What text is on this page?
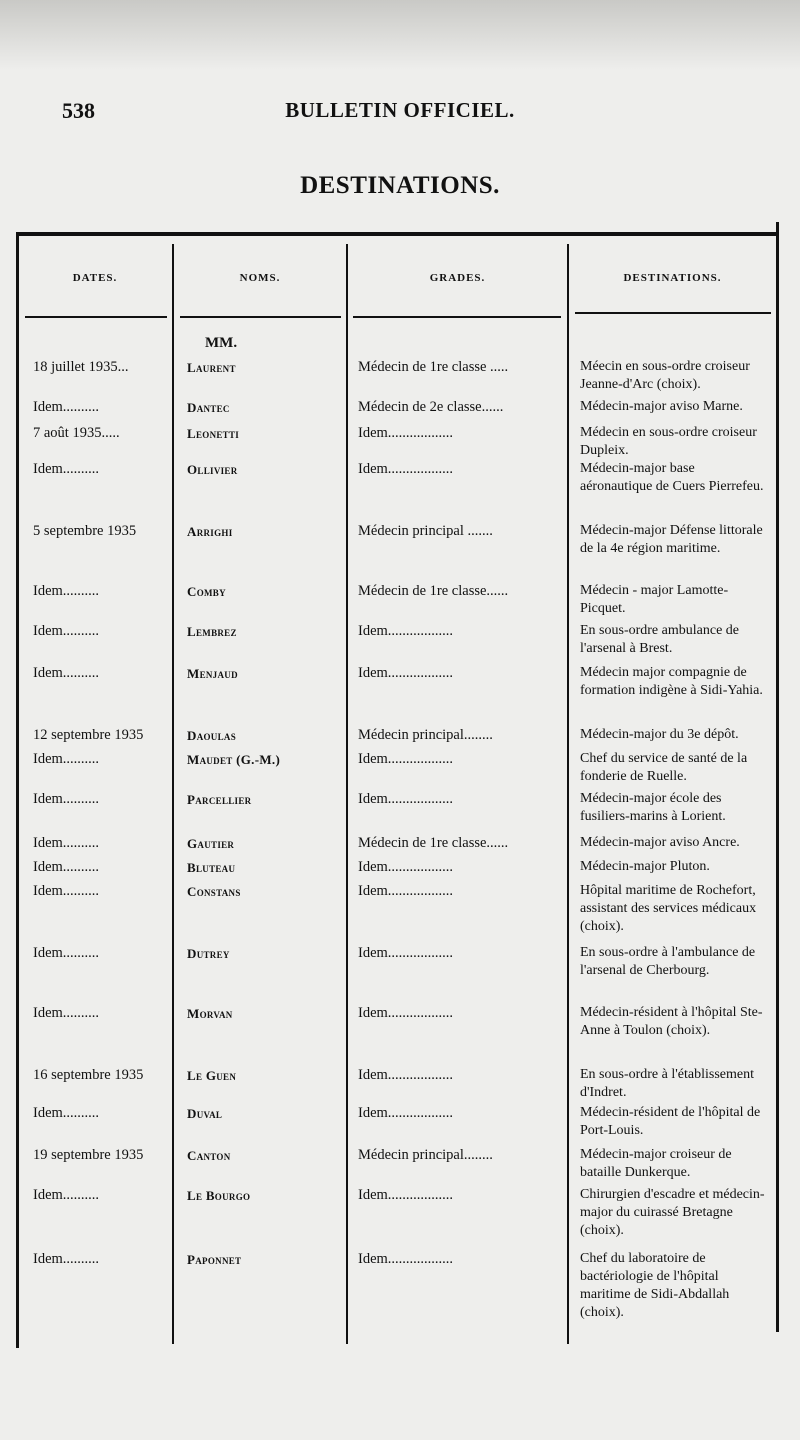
538	BULLETIN OFFICIEL.
DESTINATIONS.
DATES.	NOMS.	GRADES.	DESTINATIONS.
MM.
18 juillet 1935...	Laurent	Médecin de 1re classe .....	Méecin en sous-ordre croiseur Jeanne-d'Arc (choix).
Idem..........	Dantec	Médecin de 2e classe......	Médecin-major aviso Marne.
7 août 1935.....	Leonetti	Idem..................	Médecin en sous-ordre croiseur Dupleix.
Idem..........	Ollivier	Idem..................	Médecin-major base aéronautique de Cuers Pierrefeu.
5 septembre 1935	Arrighi	Médecin principal .......	Médecin-major Défense littorale de la 4e région maritime.
Idem..........	Comby	Médecin de 1re classe......	Médecin - major Lamotte-Picquet.
Idem..........	Lembrez	Idem..................	En sous-ordre ambulance de l'arsenal à Brest.
Idem..........	Menjaud	Idem..................	Médecin major compagnie de formation indigène à Sidi-Yahia.
12 septembre 1935	Daoulas	Médecin principal........	Médecin-major du 3e dépôt.
Idem..........	Maudet (G.-M.)	Idem..................	Chef du service de santé de la fonderie de Ruelle.
Idem..........	Parcellier	Idem..................	Médecin-major école des fusiliers-marins à Lorient.
Idem..........	Gautier	Médecin de 1re classe......	Médecin-major aviso Ancre.
Idem..........	Bluteau	Idem..................	Médecin-major Pluton.
Idem..........	Constans	Idem..................	Hôpital maritime de Rochefort, assistant des services médicaux (choix).
Idem..........	Dutrey	Idem..................	En sous-ordre à l'ambulance de l'arsenal de Cherbourg.
Idem..........	Morvan	Idem..................	Médecin-résident à l'hôpital Ste-Anne à Toulon (choix).
16 septembre 1935	Le Guen	Idem..................	En sous-ordre à l'établissement d'Indret.
Idem..........	Duval	Idem..................	Médecin-résident de l'hôpital de Port-Louis.
19 septembre 1935	Canton	Médecin principal........	Médecin-major croiseur de bataille Dunkerque.
Idem..........	Le Bourgo	Idem..................	Chirurgien d'escadre et médecin-major du cuirassé Bretagne (choix).
Idem..........	Paponnet	Idem..................	Chef du laboratoire de bactériologie de l'hôpital maritime de Sidi-Abdallah (choix).
